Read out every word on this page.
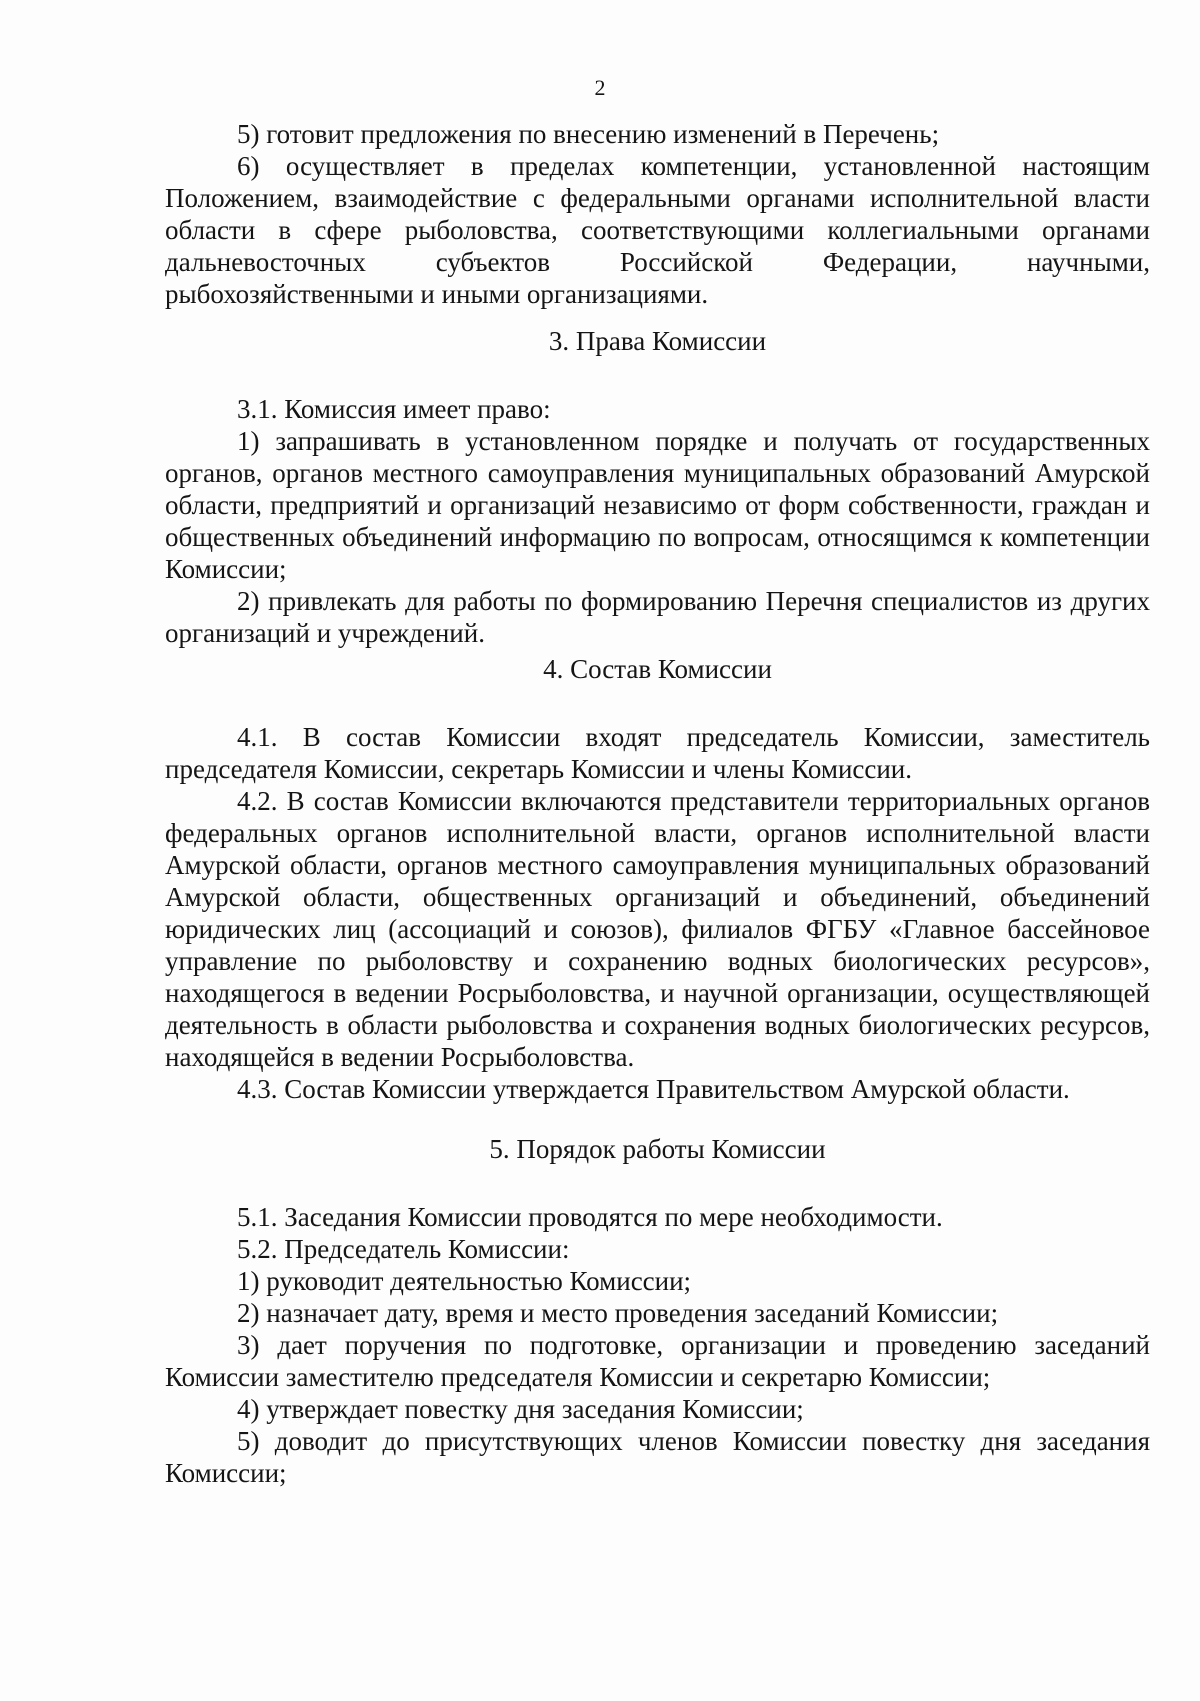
2

5) готовит предложения по внесению изменений в Перечень;

6) осуществляет в пределах компетенции, установленной настоящим Положением, взаимодействие с федеральными органами исполнительной власти области в сфере рыболовства, соответствующими коллегиальными органами дальневосточных субъектов Российской Федерации, научными, рыбохозяйственными и иными организациями.

3. Права Комиссии

3.1. Комиссия имеет право:

1) запрашивать в установленном порядке и получать от государственных органов, органов местного самоуправления муниципальных образований Амурской области, предприятий и организаций независимо от форм собственности, граждан и общественных объединений информацию по вопросам, относящимся к компетенции Комиссии;

2) привлекать для работы по формированию Перечня специалистов из других организаций и учреждений.

4. Состав Комиссии

4.1. В состав Комиссии входят председатель Комиссии, заместитель председателя Комиссии, секретарь Комиссии и члены Комиссии.

4.2. В состав Комиссии включаются представители территориальных органов федеральных органов исполнительной власти, органов исполнительной власти Амурской области, органов местного самоуправления муниципальных образований Амурской области, общественных организаций и объединений, объединений юридических лиц (ассоциаций и союзов), филиалов ФГБУ «Главное бассейновое управление по рыболовству и сохранению водных биологических ресурсов», находящегося в ведении Росрыболовства, и научной организации, осуществляющей деятельность в области рыболовства и сохранения водных биологических ресурсов, находящейся в ведении Росрыболовства.

4.3. Состав Комиссии утверждается Правительством Амурской области.

5. Порядок работы Комиссии

5.1. Заседания Комиссии проводятся по мере необходимости.

5.2. Председатель Комиссии:

1) руководит деятельностью Комиссии;

2) назначает дату, время и место проведения заседаний Комиссии;

3) дает поручения по подготовке, организации и проведению заседаний Комиссии заместителю председателя Комиссии и секретарю Комиссии;

4) утверждает повестку дня заседания Комиссии;

5) доводит до присутствующих членов Комиссии повестку дня заседания Комиссии;
